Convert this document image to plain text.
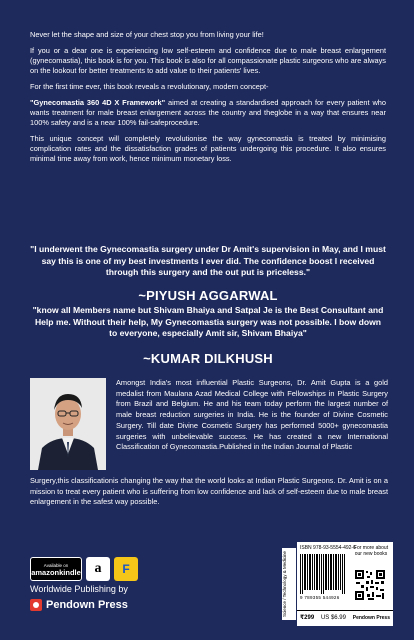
Never let the shape and size of your chest stop you from living your life!

If you or a dear one is experiencing low self-esteem and confidence due to male breast enlargement (gynecomastia), this book is for you. This book is also for all compassionate plastic surgeons who are always on the lookout for better treatments to add value to their patients' lives.

For the first time ever, this book reveals a revolutionary, modern concept-

"Gynecomastia 360 4D X Framework" aimed at creating a standardised approach for every patient who wants treatment for male breast enlargement across the country and theglobe in a way that ensures near 100% safety and is a near 100% fail-safeprocedure.

This unique concept will completely revolutionise the way gynecomastia is treated by minimising complication rates and the dissatisfaction grades of patients undergoing this procedure. It also ensures minimal time away from work, hence minimum monetary loss.

"I underwent the Gynecomastia surgery under Dr Amit's supervision in May, and I must say this is one of my best investments I ever did. The confidence boost I received through this surgery and the out put is priceless."
~PIYUSH AGGARWAL
"know all Members name but Shivam Bhaiya and Satpal Je is the Best Consultant and Help me. Without their help, My Gynecomastia surgery was not possible. I bow down to everyone, especially Amit sir, Shivam Bhaiya"
~KUMAR DILKHUSH
Amongst India's most influential Plastic Surgeons, Dr. Amit Gupta is a gold medalist from Maulana Azad Medical College with Fellowships in Plastic Surgery from Brazil and Belgium. He and his team today perform the largest number of male breast reduction surgeries in India. He is the founder of Divine Cosmetic Surgery. Till date Divine Cosmetic Surgery has performed 5000+ gynecomastia surgeries with unbelievable success. He has created a new International Classification of Gynecomastia.Published in the Indian Journal of Plastic
Surgery,this classificationis changing the way that the world looks at Indian Plastic Surgeons. Dr. Amit is on a mission to treat every patient who is suffering from low confidence and lack of self-esteem due to male breast enlargement in the safest way possible.
Available on
amazonkindle a F
Worldwide Publishing by
Pendown Press	Science / Technology & Medicine
ISBN 978-93-5554-492-6
9 789355 544926
For more about our new books
₹299 US $6.99 Pendown Press
